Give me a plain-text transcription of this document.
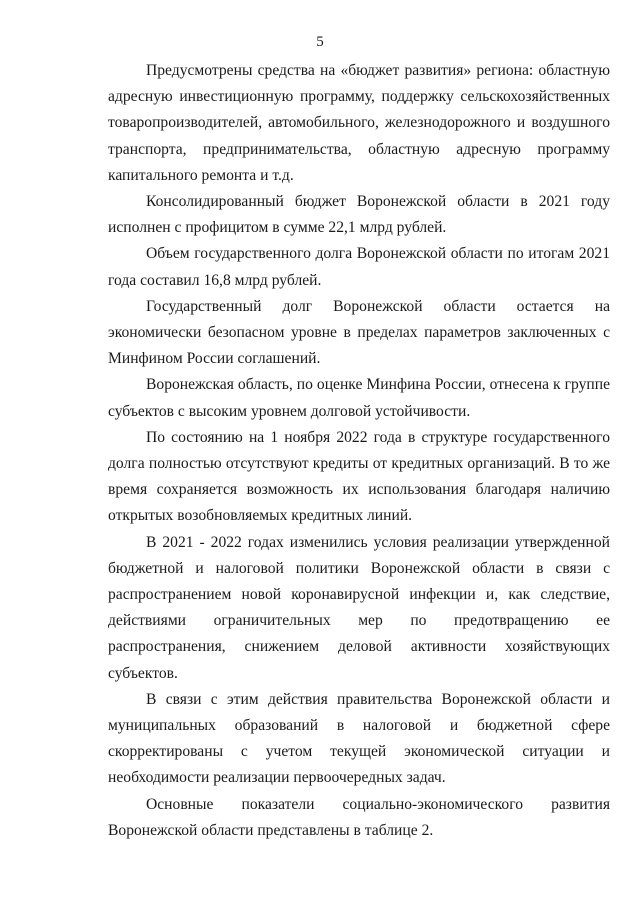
5

Предусмотрены средства на «бюджет развития» региона: областную адресную инвестиционную программу, поддержку сельскохозяйственных товаропроизводителей, автомобильного, железнодорожного и воздушного транспорта, предпринимательства, областную адресную программу капитального ремонта и т.д.

Консолидированный бюджет Воронежской области в 2021 году исполнен с профицитом в сумме 22,1 млрд рублей.

Объем государственного долга Воронежской области по итогам 2021 года составил 16,8 млрд рублей.

Государственный долг Воронежской области остается на экономически безопасном уровне в пределах параметров заключенных с Минфином России соглашений.

Воронежская область, по оценке Минфина России, отнесена к группе субъектов с высоким уровнем долговой устойчивости.

По состоянию на 1 ноября 2022 года в структуре государственного долга полностью отсутствуют кредиты от кредитных организаций. В то же время сохраняется возможность их использования благодаря наличию открытых возобновляемых кредитных линий.

В 2021 - 2022 годах изменились условия реализации утвержденной бюджетной и налоговой политики Воронежской области в связи с распространением новой коронавирусной инфекции и, как следствие, действиями ограничительных мер по предотвращению ее распространения, снижением деловой активности хозяйствующих субъектов.

В связи с этим действия правительства Воронежской области и муниципальных образований в налоговой и бюджетной сфере скорректированы с учетом текущей экономической ситуации и необходимости реализации первоочередных задач.

Основные показатели социально-экономического развития Воронежской области представлены в таблице 2.
